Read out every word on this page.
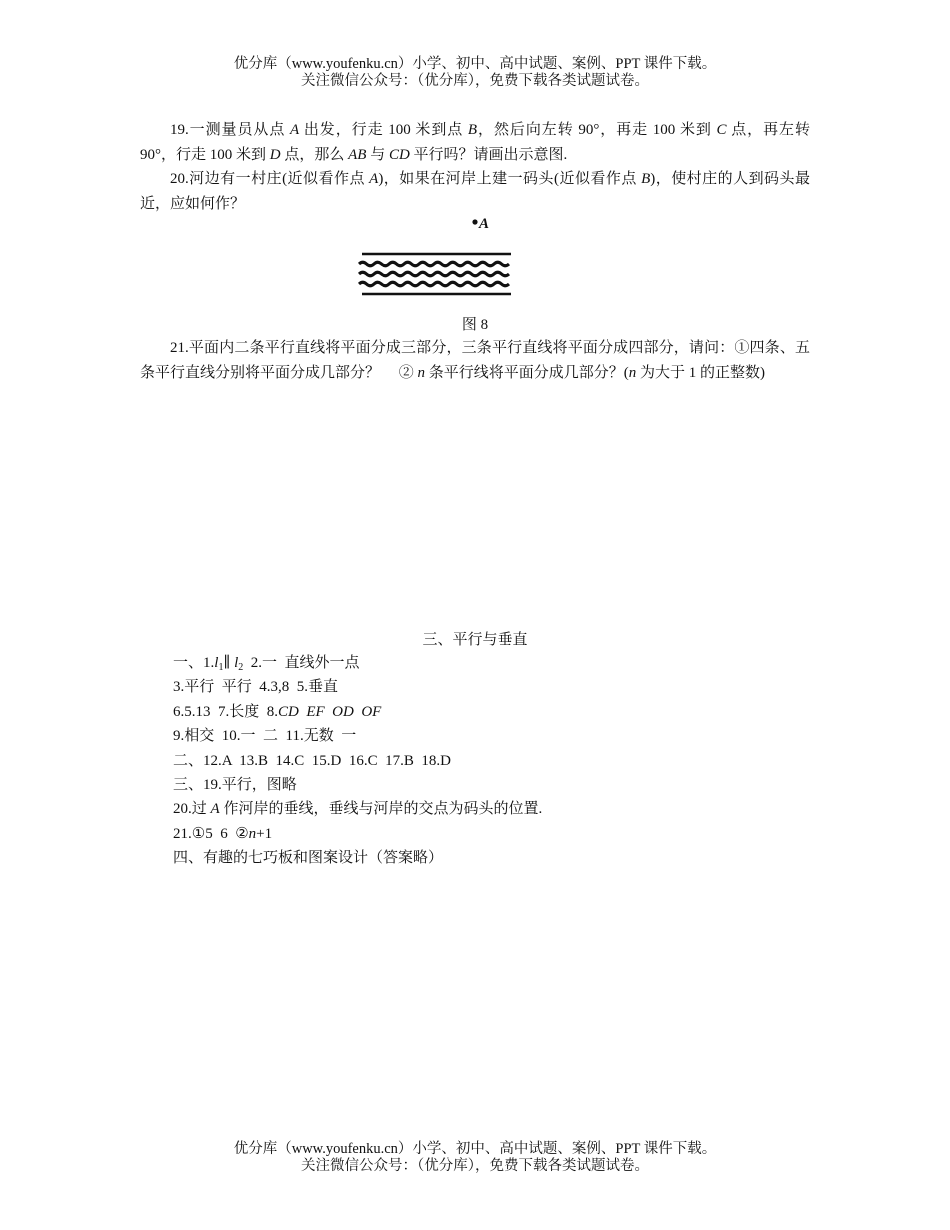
优分库（www.youfenku.cn）小学、初中、高中试题、案例、PPT 课件下载。
关注微信公众号：（优分库），免费下载各类试题试卷。

19.一测量员从点 A 出发，行走 100 米到点 B，然后向左转 90°，再走 100 米到 C 点，再左转 90°，行走 100 米到 D 点，那么 AB 与 CD 平行吗？请画出示意图.

20.河边有一村庄(近似看作点 A)，如果在河岸上建一码头(近似看作点 B)，使村庄的人到码头最近，应如何作？

A
图 8

21.平面内二条平行直线将平面分成三部分，三条平行直线将平面分成四部分，请问：①四条、五条平行直线分别将平面分成几部分？　 ② n 条平行线将平面分成几部分？(n 为大于 1 的正整数)

三、平行与垂直
一、$1.l_1\parallel$ $l_2$  2.一  直线外一点
3.平行  平行  4.3,8  5.垂直
6.5.13  7.长度  8.CD  EF  OD  OF
9.相交  10.一  二  11.无数  一
二、12.A  13.B  14.C  15.D  16.C  17.B  18.D
三、19.平行，图略
20.过 A 作河岸的垂线，垂线与河岸的交点为码头的位置.
21.①5  6  ②n+1
四、有趣的七巧板和图案设计（答案略）
优分库（www.youfenku.cn）小学、初中、高中试题、案例、PPT 课件下载。
关注微信公众号：（优分库），免费下载各类试题试卷。
